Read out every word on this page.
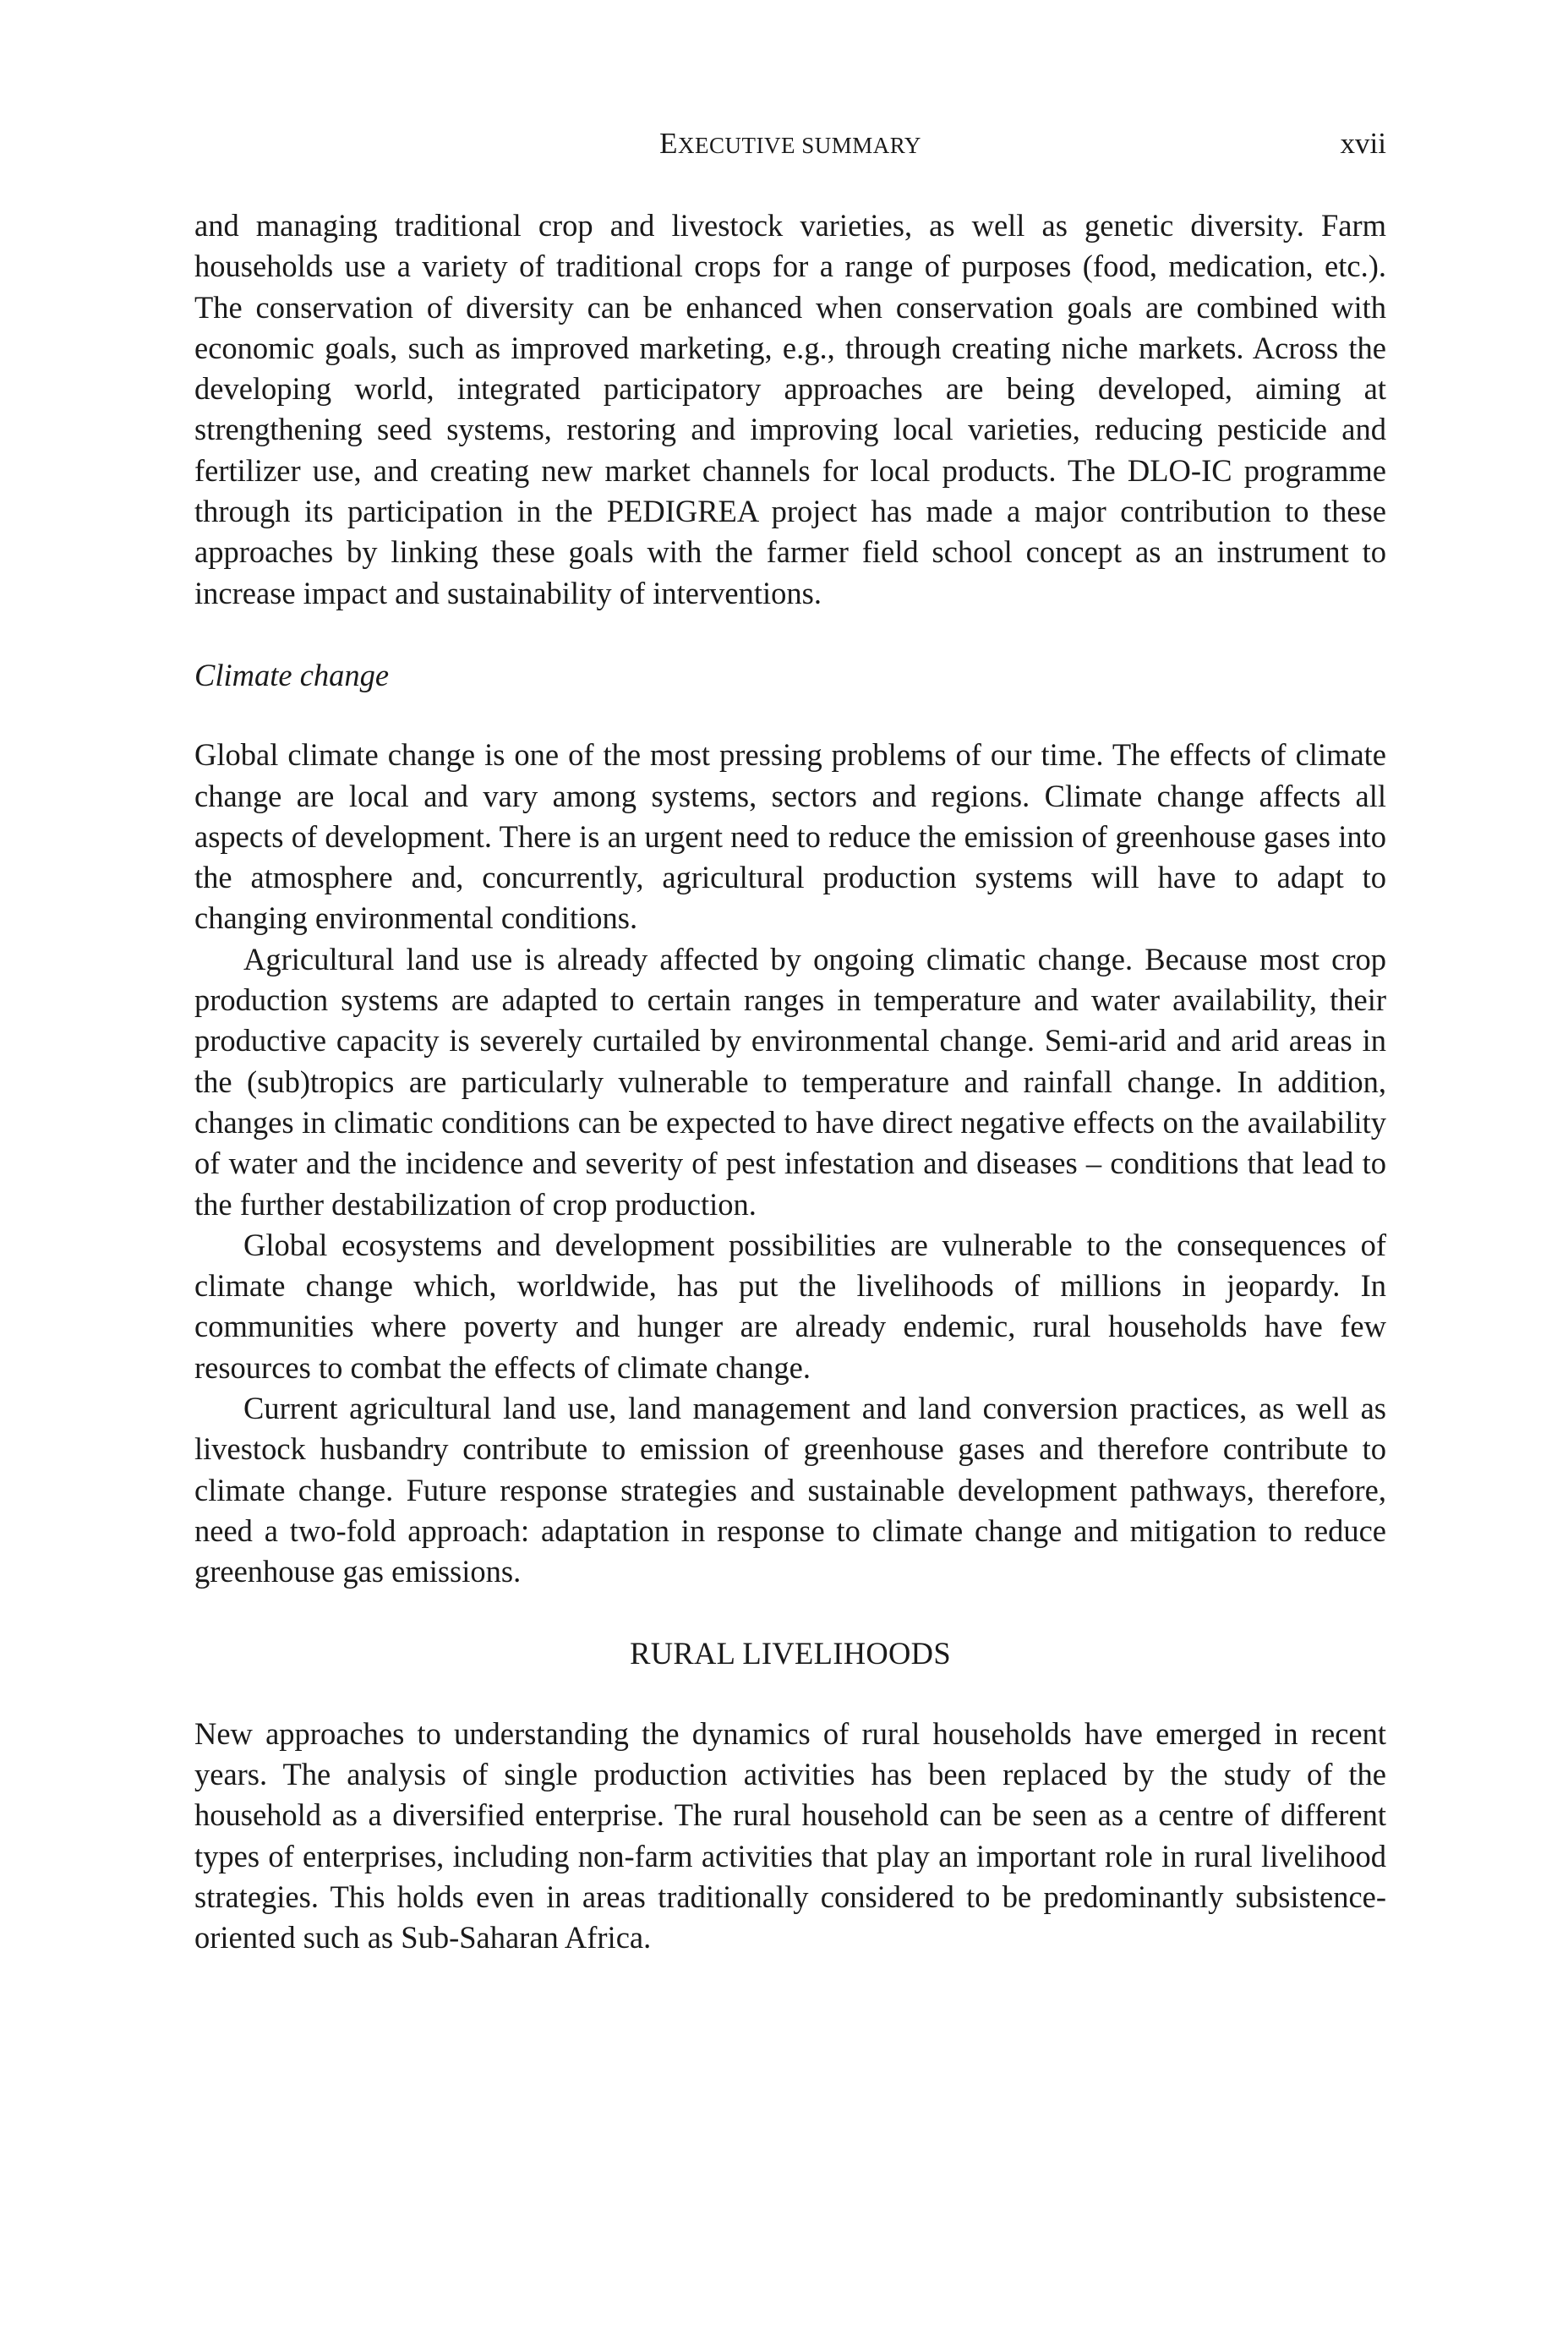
EXECUTIVE SUMMARY	xvii

and managing traditional crop and livestock varieties, as well as genetic diversity. Farm households use a variety of traditional crops for a range of purposes (food, medication, etc.). The conservation of diversity can be enhanced when conservation goals are combined with economic goals, such as improved marketing, e.g., through creating niche markets. Across the developing world, integrated participatory approaches are being developed, aiming at strengthening seed systems, restoring and improving local varieties, reducing pesticide and fertilizer use, and creating new market channels for local products. The DLO-IC programme through its participation in the PEDIGREA project has made a major contribution to these approaches by linking these goals with the farmer field school concept as an instrument to increase impact and sustainability of interventions.

Climate change

Global climate change is one of the most pressing problems of our time. The effects of climate change are local and vary among systems, sectors and regions. Climate change affects all aspects of development. There is an urgent need to reduce the emission of greenhouse gases into the atmosphere and, concurrently, agricultural production systems will have to adapt to changing environmental conditions.

Agricultural land use is already affected by ongoing climatic change. Because most crop production systems are adapted to certain ranges in temperature and water availability, their productive capacity is severely curtailed by environmental change. Semi-arid and arid areas in the (sub)tropics are particularly vulnerable to temperature and rainfall change. In addition, changes in climatic conditions can be expected to have direct negative effects on the availability of water and the incidence and severity of pest infestation and diseases – conditions that lead to the further destabilization of crop production.

Global ecosystems and development possibilities are vulnerable to the consequences of climate change which, worldwide, has put the livelihoods of millions in jeopardy. In communities where poverty and hunger are already endemic, rural households have few resources to combat the effects of climate change.

Current agricultural land use, land management and land conversion practices, as well as livestock husbandry contribute to emission of greenhouse gases and therefore contribute to climate change. Future response strategies and sustainable development pathways, therefore, need a two-fold approach: adaptation in response to climate change and mitigation to reduce greenhouse gas emissions.

RURAL LIVELIHOODS

New approaches to understanding the dynamics of rural households have emerged in recent years. The analysis of single production activities has been replaced by the study of the household as a diversified enterprise. The rural household can be seen as a centre of different types of enterprises, including non-farm activities that play an important role in rural livelihood strategies. This holds even in areas traditionally considered to be predominantly subsistence-oriented such as Sub-Saharan Africa.
